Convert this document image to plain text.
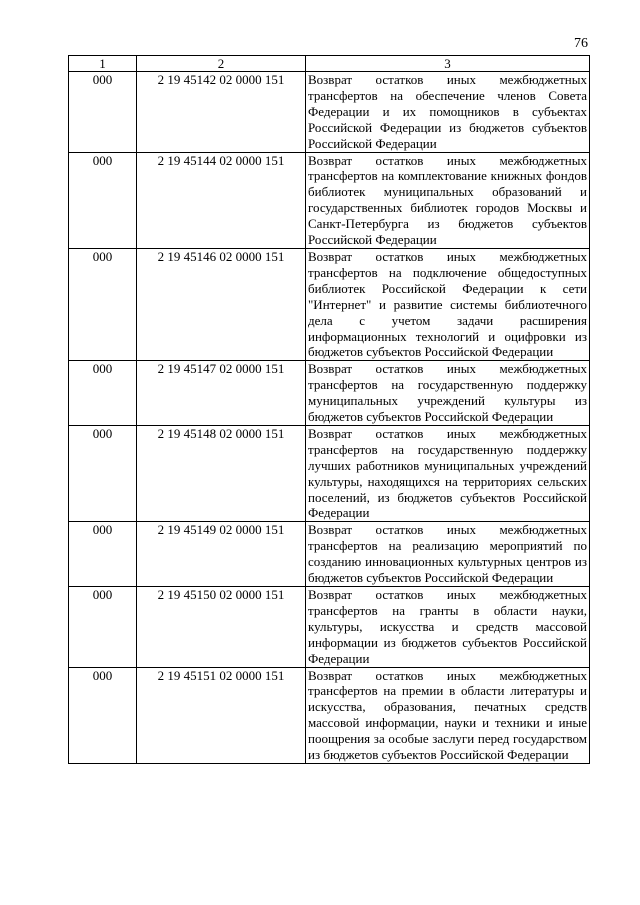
76
1	2	3
000	2 19 45142 02 0000 151	Возврат остатков иных межбюджетных трансфертов на обеспечение членов Совета Федерации и их помощников в субъектах Российской Федерации из бюджетов субъектов Российской Федерации
000	2 19 45144 02 0000 151	Возврат остатков иных межбюджетных трансфертов на комплектование книжных фондов библиотек муниципальных образований и государственных библиотек городов Москвы и Санкт-Петербурга из бюджетов субъектов Российской Федерации
000	2 19 45146 02 0000 151	Возврат остатков иных межбюджетных трансфертов на подключение общедоступных библиотек Российской Федерации к сети "Интернет" и развитие системы библиотечного дела с учетом задачи расширения информационных технологий и оцифровки из бюджетов субъектов Российской Федерации
000	2 19 45147 02 0000 151	Возврат остатков иных межбюджетных трансфертов на государственную поддержку муниципальных учреждений культуры из бюджетов субъектов Российской Федерации
000	2 19 45148 02 0000 151	Возврат остатков иных межбюджетных трансфертов на государственную поддержку лучших работников муниципальных учреждений культуры, находящихся на территориях сельских поселений, из бюджетов субъектов Российской Федерации
000	2 19 45149 02 0000 151	Возврат остатков иных межбюджетных трансфертов на реализацию мероприятий по созданию инновационных культурных центров из бюджетов субъектов Российской Федерации
000	2 19 45150 02 0000 151	Возврат остатков иных межбюджетных трансфертов на гранты в области науки, культуры, искусства и средств массовой информации из бюджетов субъектов Российской Федерации
000	2 19 45151 02 0000 151	Возврат остатков иных межбюджетных трансфертов на премии в области литературы и искусства, образования, печатных средств массовой информации, науки и техники и иные поощрения за особые заслуги перед государством из бюджетов субъектов Российской Федерации
